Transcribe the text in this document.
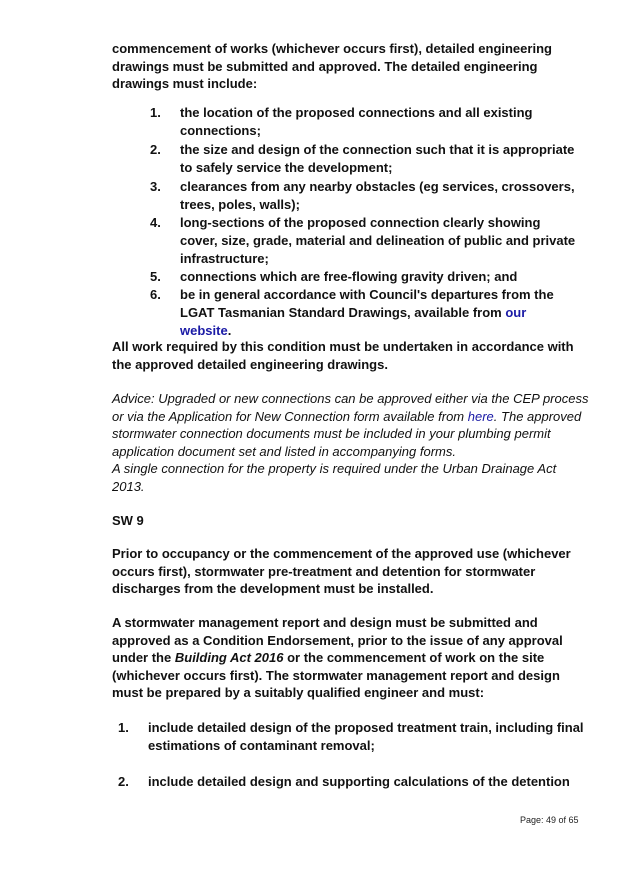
commencement of works (whichever occurs first), detailed engineering drawings must be submitted and approved. The detailed engineering drawings must include:

1. the location of the proposed connections and all existing connections;
2. the size and design of the connection such that it is appropriate to safely service the development;
3. clearances from any nearby obstacles (eg services, crossovers, trees, poles, walls);
4. long-sections of the proposed connection clearly showing cover, size, grade, material and delineation of public and private infrastructure;
5. connections which are free-flowing gravity driven; and
6. be in general accordance with Council's departures from the LGAT Tasmanian Standard Drawings, available from our website.

All work required by this condition must be undertaken in accordance with the approved detailed engineering drawings.

Advice: Upgraded or new connections can be approved either via the CEP process or via the Application for New Connection form available from here. The approved stormwater connection documents must be included in your plumbing permit application document set and listed in accompanying forms.
A single connection for the property is required under the Urban Drainage Act 2013.

SW 9

Prior to occupancy or the commencement of the approved use (whichever occurs first), stormwater pre-treatment and detention for stormwater discharges from the development must be installed.

A stormwater management report and design must be submitted and approved as a Condition Endorsement, prior to the issue of any approval under the Building Act 2016 or the commencement of work on the site (whichever occurs first). The stormwater management report and design must be prepared by a suitably qualified engineer and must:

1. include detailed design of the proposed treatment train, including final estimations of contaminant removal;
2. include detailed design and supporting calculations of the detention
Page: 49 of 65
